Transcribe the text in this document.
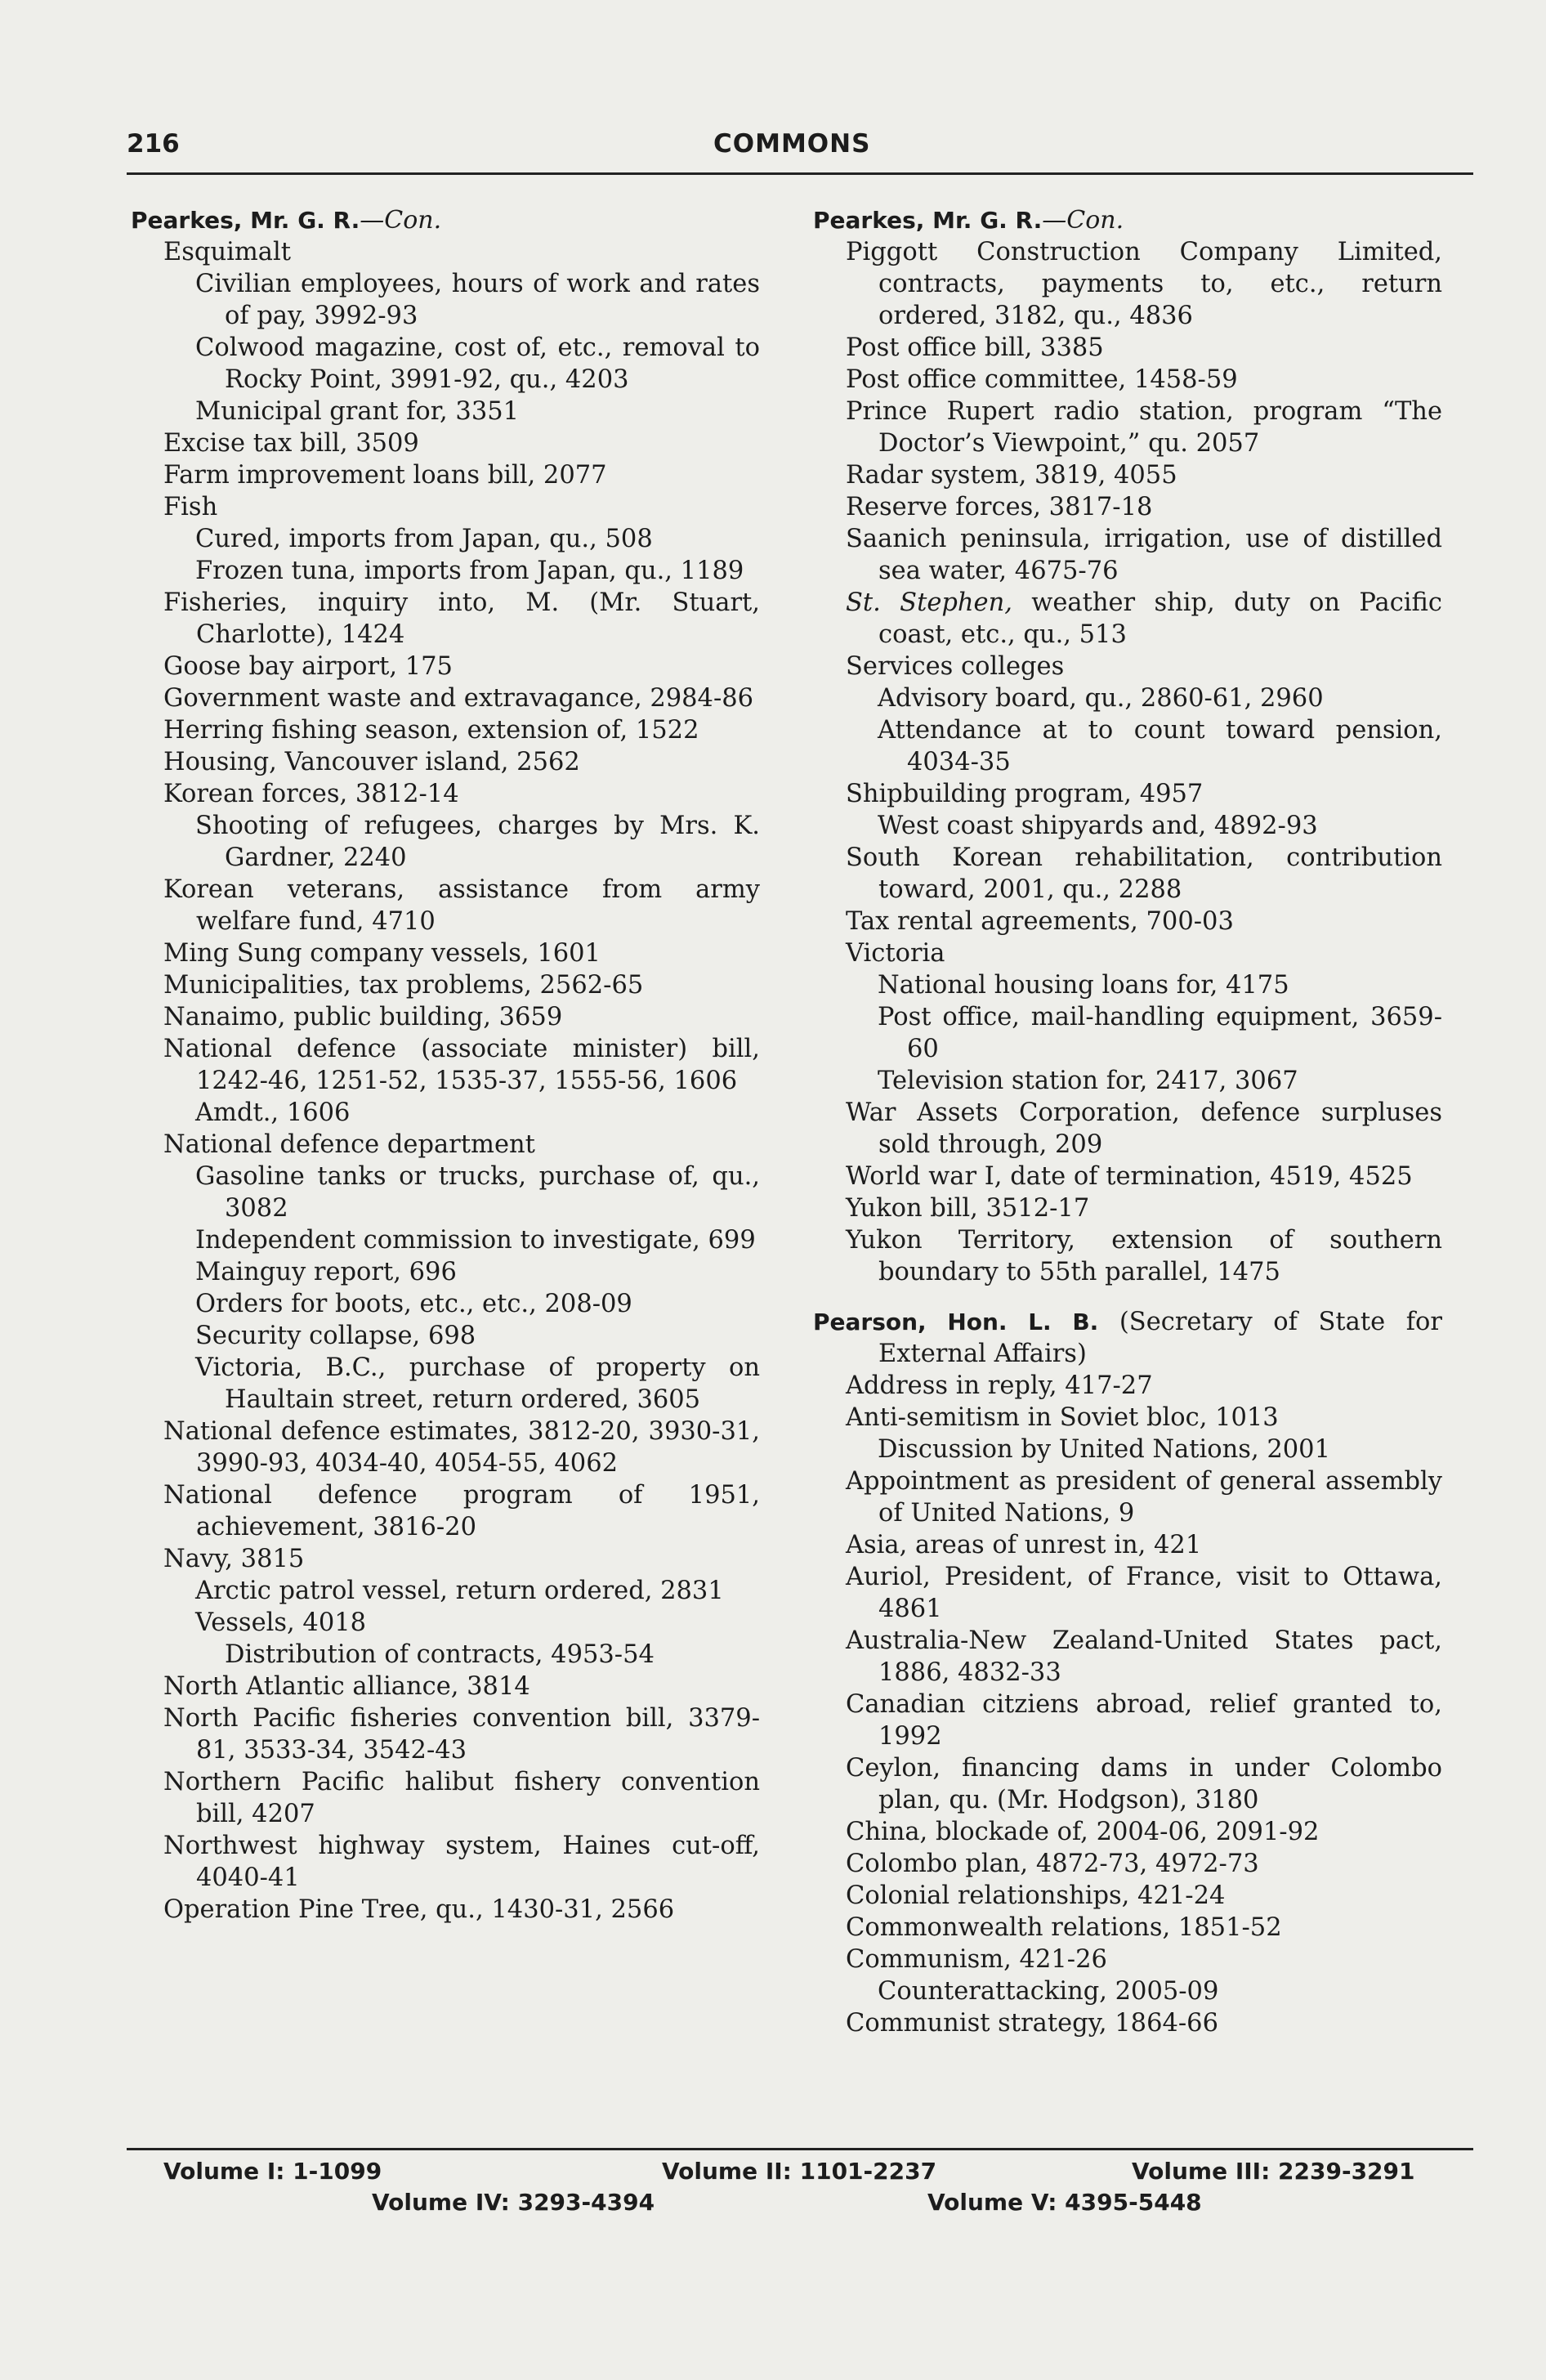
216	COMMONS
Pearkes, Mr. G. R.—Con.
Esquimalt
Civilian employees, hours of work and rates of pay, 3992-93
Colwood magazine, cost of, etc., removal to Rocky Point, 3991-92, qu., 4203
Municipal grant for, 3351
Excise tax bill, 3509
Farm improvement loans bill, 2077
Fish
Cured, imports from Japan, qu., 508
Frozen tuna, imports from Japan, qu., 1189
Fisheries, inquiry into, M. (Mr. Stuart, Charlotte), 1424
Goose bay airport, 175
Government waste and extravagance, 2984-86
Herring fishing season, extension of, 1522
Housing, Vancouver island, 2562
Korean forces, 3812-14
Shooting of refugees, charges by Mrs. K. Gardner, 2240
Korean veterans, assistance from army welfare fund, 4710
Ming Sung company vessels, 1601
Municipalities, tax problems, 2562-65
Nanaimo, public building, 3659
National defence (associate minister) bill, 1242-46, 1251-52, 1535-37, 1555-56, 1606
Amdt., 1606
National defence department
Gasoline tanks or trucks, purchase of, qu., 3082
Independent commission to investigate, 699
Mainguy report, 696
Orders for boots, etc., etc., 208-09
Security collapse, 698
Victoria, B.C., purchase of property on Haultain street, return ordered, 3605
National defence estimates, 3812-20, 3930-31, 3990-93, 4034-40, 4054-55, 4062
National defence program of 1951, achievement, 3816-20
Navy, 3815
Arctic patrol vessel, return ordered, 2831
Vessels, 4018
Distribution of contracts, 4953-54
North Atlantic alliance, 3814
North Pacific fisheries convention bill, 3379-81, 3533-34, 3542-43
Northern Pacific halibut fishery convention bill, 4207
Northwest highway system, Haines cut-off, 4040-41
Operation Pine Tree, qu., 1430-31, 2566
Pearkes, Mr. G. R.—Con.
Piggott Construction Company Limited, contracts, payments to, etc., return ordered, 3182, qu., 4836
Post office bill, 3385
Post office committee, 1458-59
Prince Rupert radio station, program “The Doctor’s Viewpoint,” qu. 2057
Radar system, 3819, 4055
Reserve forces, 3817-18
Saanich peninsula, irrigation, use of distilled sea water, 4675-76
St. Stephen, weather ship, duty on Pacific coast, etc., qu., 513
Services colleges
Advisory board, qu., 2860-61, 2960
Attendance at to count toward pension, 4034-35
Shipbuilding program, 4957
West coast shipyards and, 4892-93
South Korean rehabilitation, contribution toward, 2001, qu., 2288
Tax rental agreements, 700-03
Victoria
National housing loans for, 4175
Post office, mail-handling equipment, 3659-60
Television station for, 2417, 3067
War Assets Corporation, defence surpluses sold through, 209
World war I, date of termination, 4519, 4525
Yukon bill, 3512-17
Yukon Territory, extension of southern boundary to 55th parallel, 1475
Pearson, Hon. L. B. (Secretary of State for External Affairs)
Address in reply, 417-27
Anti-semitism in Soviet bloc, 1013
Discussion by United Nations, 2001
Appointment as president of general assembly of United Nations, 9
Asia, areas of unrest in, 421
Auriol, President, of France, visit to Ottawa, 4861
Australia-New Zealand-United States pact, 1886, 4832-33
Canadian citziens abroad, relief granted to, 1992
Ceylon, financing dams in under Colombo plan, qu. (Mr. Hodgson), 3180
China, blockade of, 2004-06, 2091-92
Colombo plan, 4872-73, 4972-73
Colonial relationships, 421-24
Commonwealth relations, 1851-52
Communism, 421-26
Counterattacking, 2005-09
Communist strategy, 1864-66
Volume I: 1-1099	Volume II: 1101-2237	Volume III: 2239-3291
Volume IV: 3293-4394	Volume V: 4395-5448
